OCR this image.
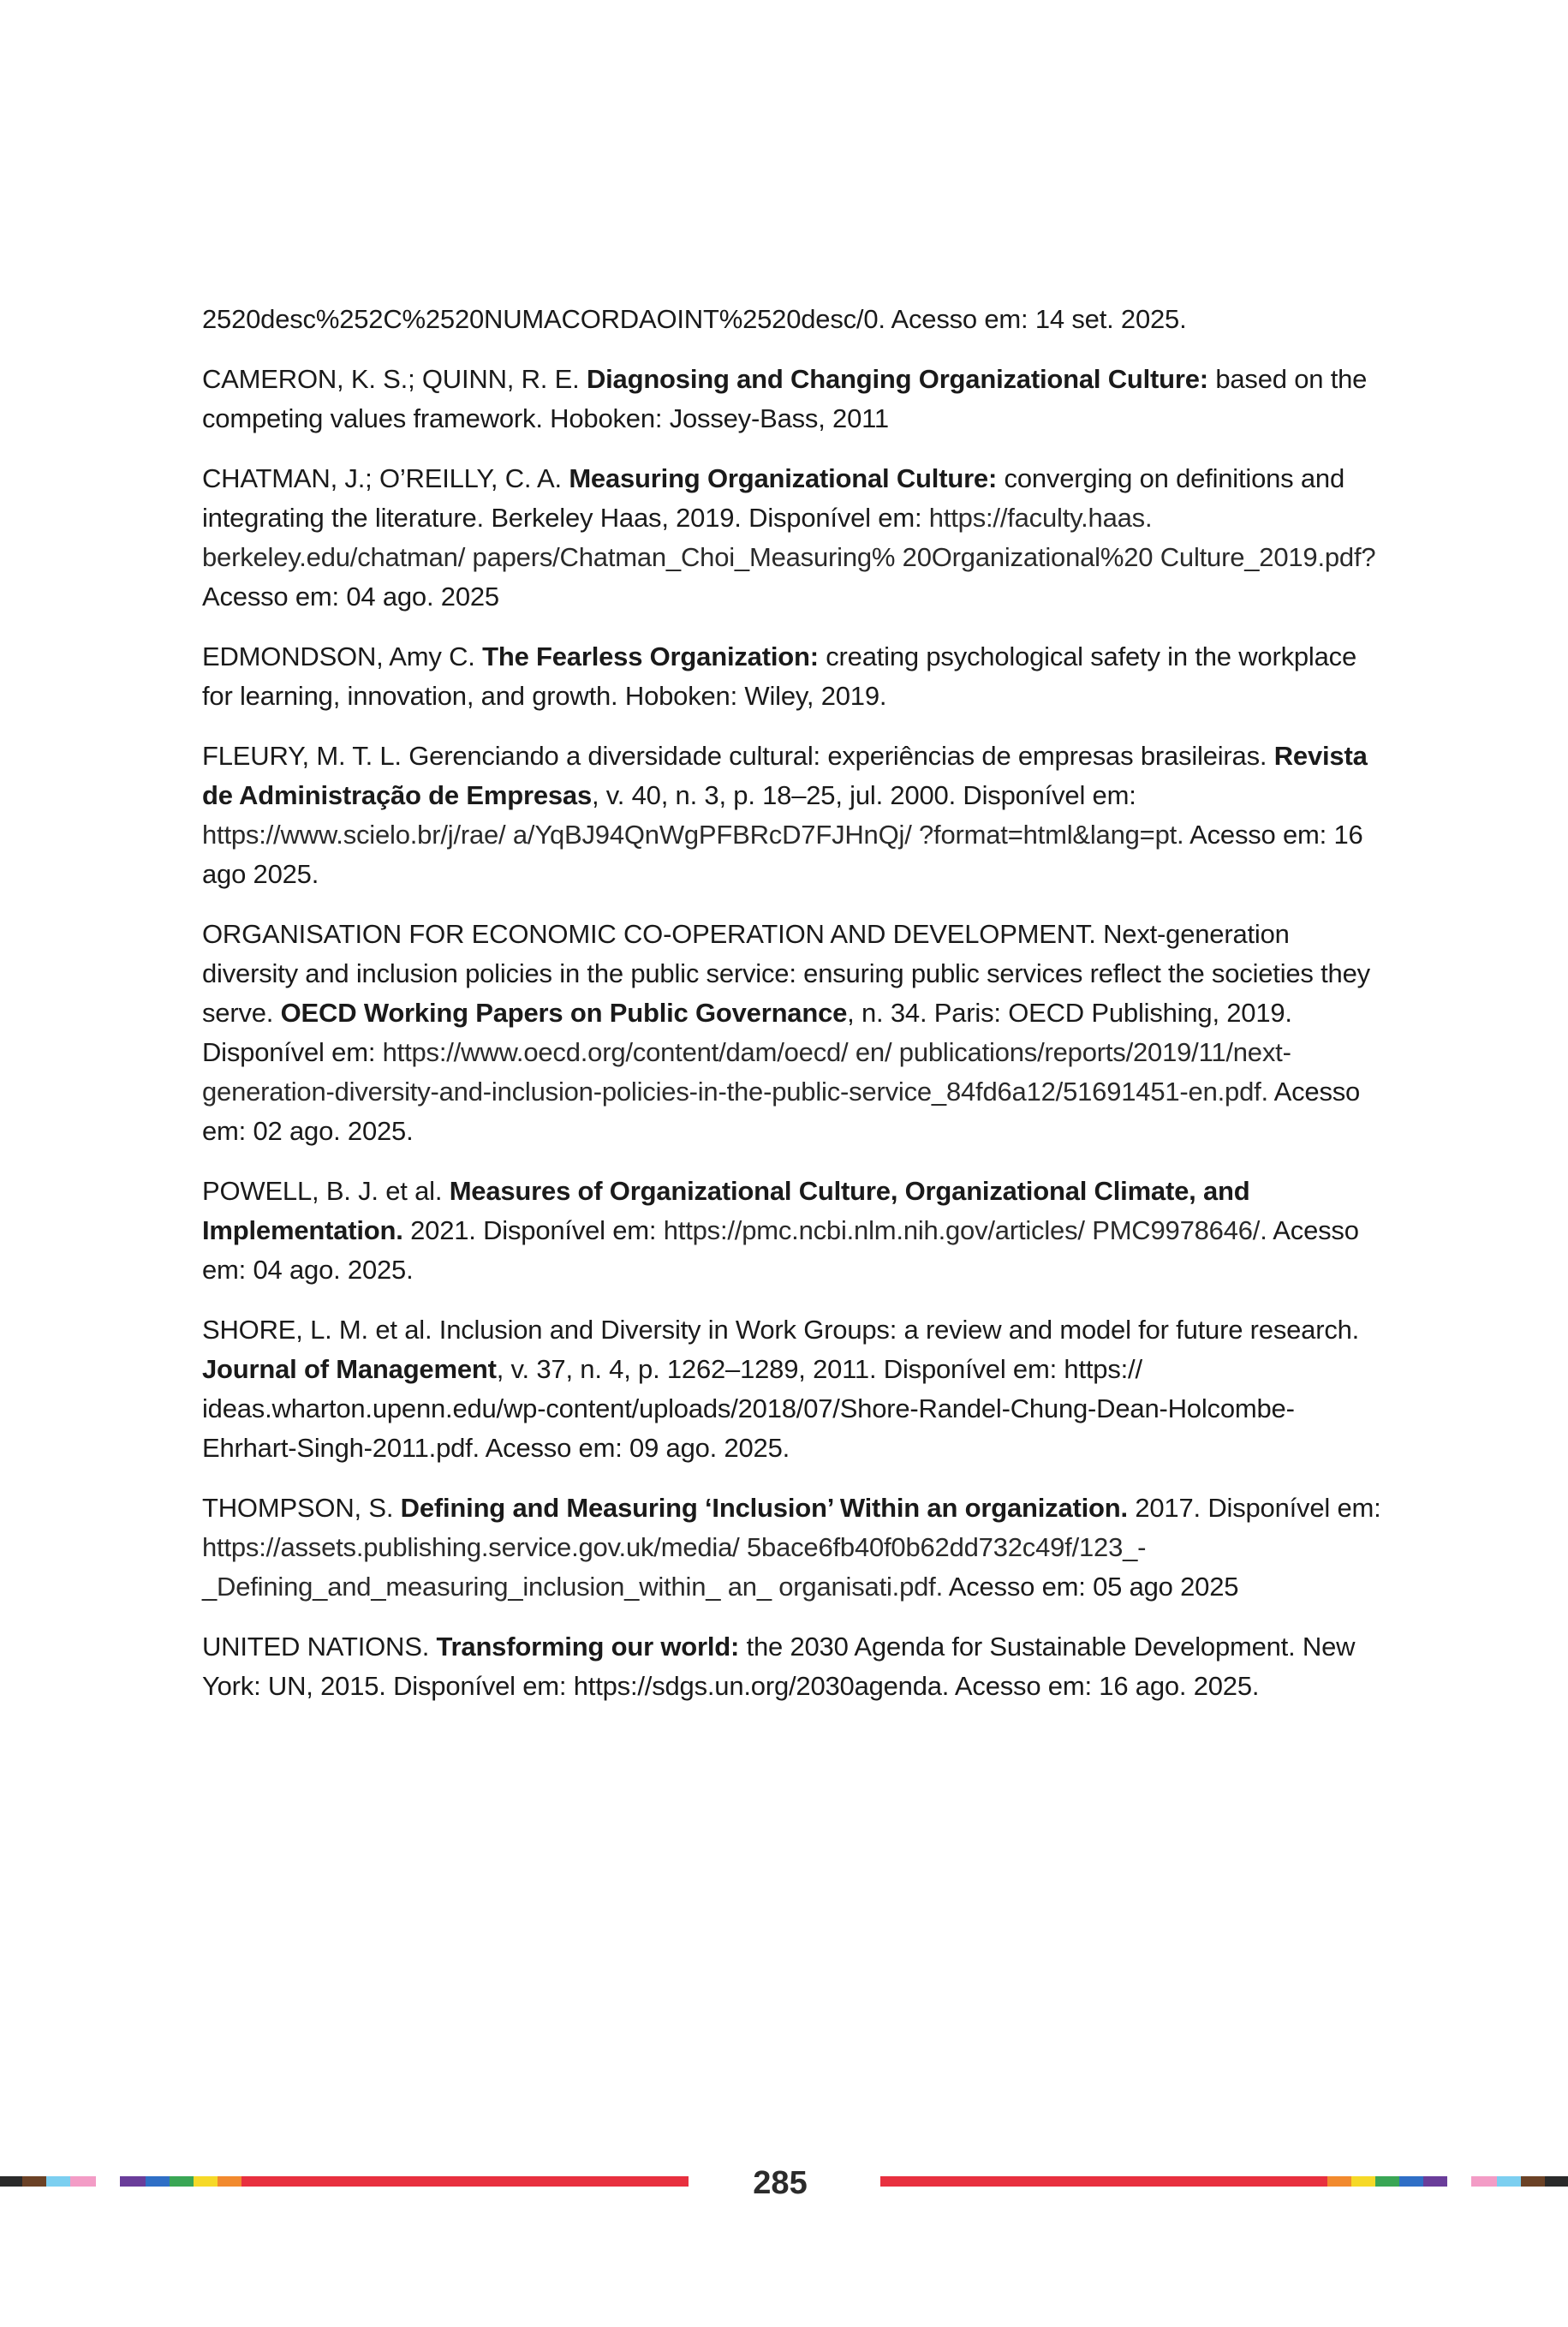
2520desc%252C%2520NUMACORDAOINT%2520desc/0. Acesso em: 14 set. 2025.

CAMERON, K. S.; QUINN, R. E. Diagnosing and Changing Organizational Culture: based on the competing values framework. Hoboken: Jossey-Bass, 2011

CHATMAN, J.; O’REILLY, C. A. Measuring Organizational Culture: converging on definitions and integrating the literature. Berkeley Haas, 2019. Disponível em: https://faculty.haas. berkeley.edu/chatman/ papers/Chatman_Choi_Measuring% 20Organizational%20 Culture_2019.pdf? Acesso em: 04 ago. 2025

EDMONDSON, Amy C. The Fearless Organization: creating psychological safety in the workplace for learning, innovation, and growth. Hoboken: Wiley, 2019.

FLEURY, M. T. L. Gerenciando a diversidade cultural: experiências de empresas brasileiras. Revista de Administração de Empresas, v. 40, n. 3, p. 18–25, jul. 2000. Disponível em: https://www.scielo.br/j/rae/ a/YqBJ94QnWgPFBRcD7FJHnQj/ ?format=html&lang=pt. Acesso em: 16 ago 2025.

ORGANISATION FOR ECONOMIC CO-OPERATION AND DEVELOPMENT. Next-generation diversity and inclusion policies in the public service: ensuring public services reflect the societies they serve. OECD Working Papers on Public Governance, n. 34. Paris: OECD Publishing, 2019. Disponível em: https://www.oecd.org/content/dam/oecd/ en/ publications/reports/2019/11/next-generation-diversity-and-inclusion-policies-in-the-public-service_84fd6a12/51691451-en.pdf. Acesso em: 02 ago. 2025.

POWELL, B. J. et al. Measures of Organizational Culture, Organizational Climate, and Implementation. 2021. Disponível em: https://pmc.ncbi.nlm.nih.gov/articles/ PMC9978646/. Acesso em: 04 ago. 2025.

SHORE, L. M. et al. Inclusion and Diversity in Work Groups: a review and model for future research. Journal of Management, v. 37, n. 4, p. 1262–1289, 2011. Disponível em: https:// ideas.wharton.upenn.edu/wp-content/uploads/2018/07/Shore-Randel-Chung-Dean-Holcombe-Ehrhart-Singh-2011.pdf. Acesso em: 09 ago. 2025.

THOMPSON, S. Defining and Measuring ‘Inclusion’ Within an organization. 2017. Disponível em: https://assets.publishing.service.gov.uk/media/ 5bace6fb40f0b62dd732c49f/123_-_Defining_and_measuring_inclusion_within_ an_ organisati.pdf. Acesso em: 05 ago 2025

UNITED NATIONS. Transforming our world: the 2030 Agenda for Sustainable Development. New York: UN, 2015. Disponível em: https://sdgs.un.org/2030agenda. Acesso em: 16 ago. 2025.

285
